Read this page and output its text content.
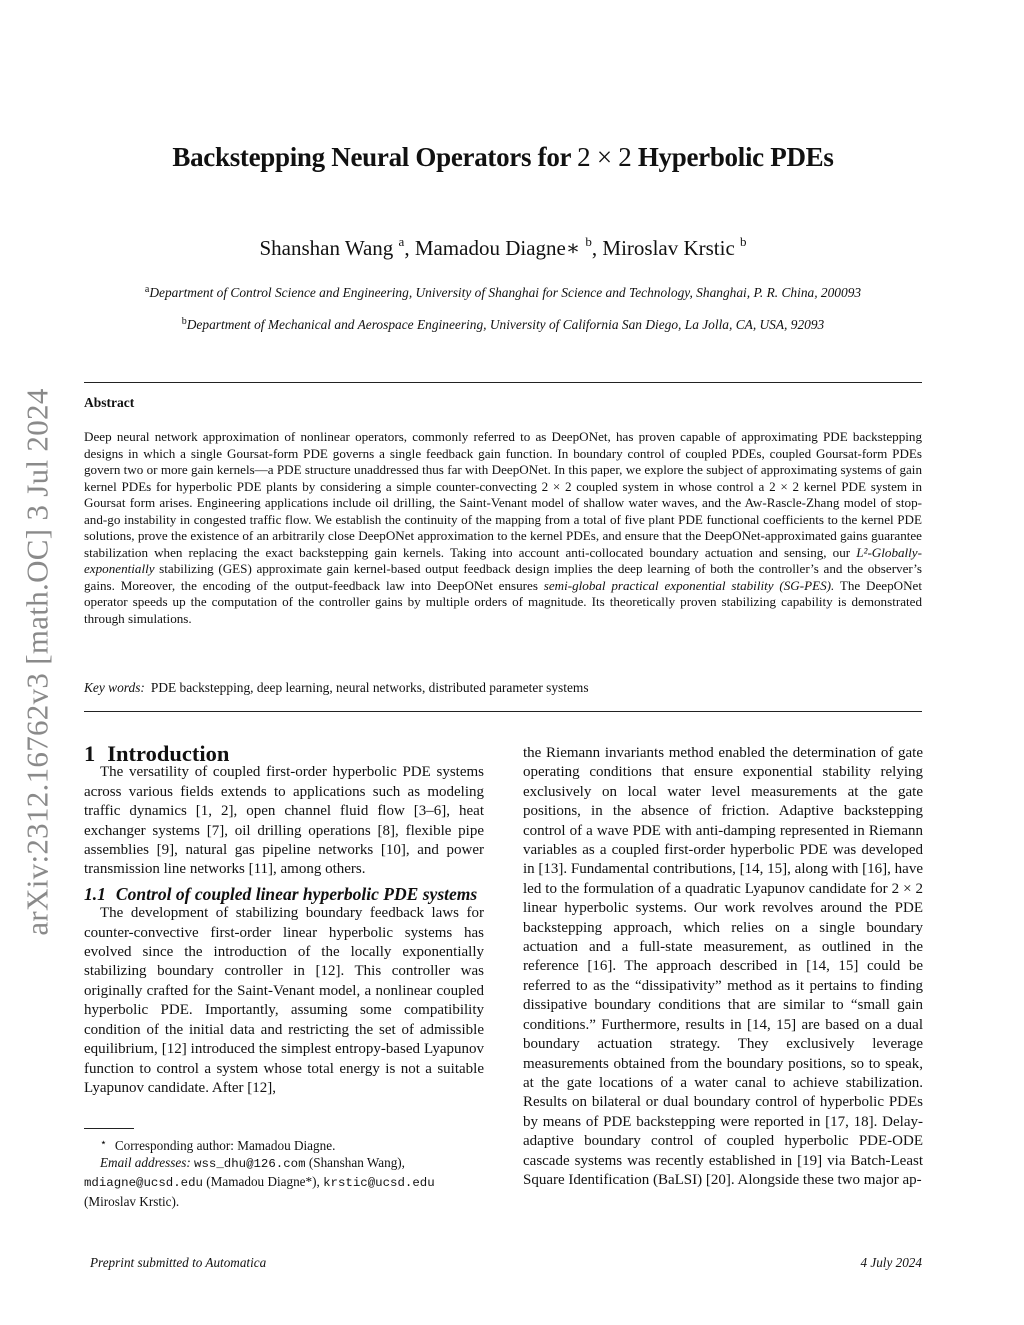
arXiv:2312.16762v3 [math.OC] 3 Jul 2024
Backstepping Neural Operators for 2 × 2 Hyperbolic PDEs
Shanshan Wang $^a$, Mamadou Diagne∗ $^b$, Miroslav Krstic $^b$
$^a$Department of Control Science and Engineering, University of Shanghai for Science and Technology, Shanghai, P. R. China, 200093
$^b$Department of Mechanical and Aerospace Engineering, University of California San Diego, La Jolla, CA, USA, 92093
Abstract
Deep neural network approximation of nonlinear operators, commonly referred to as DeepONet, has proven capable of approximating PDE backstepping designs in which a single Goursat-form PDE governs a single feedback gain function. In boundary control of coupled PDEs, coupled Goursat-form PDEs govern two or more gain kernels—a PDE structure unaddressed thus far with DeepONet. In this paper, we explore the subject of approximating systems of gain kernel PDEs for hyperbolic PDE plants by considering a simple counter-convecting 2 × 2 coupled system in whose control a 2 × 2 kernel PDE system in Goursat form arises. Engineering applications include oil drilling, the Saint-Venant model of shallow water waves, and the Aw-Rascle-Zhang model of stop-and-go instability in congested traffic flow. We establish the continuity of the mapping from a total of five plant PDE functional coefficients to the kernel PDE solutions, prove the existence of an arbitrarily close DeepONet approximation to the kernel PDEs, and ensure that the DeepONet-approximated gains guarantee stabilization when replacing the exact backstepping gain kernels. Taking into account anti-collocated boundary actuation and sensing, our L²-Globally-exponentially stabilizing (GES) approximate gain kernel-based output feedback design implies the deep learning of both the controller’s and the observer’s gains. Moreover, the encoding of the output-feedback law into DeepONet ensures semi-global practical exponential stability (SG-PES). The DeepONet operator speeds up the computation of the controller gains by multiple orders of magnitude. Its theoretically proven stabilizing capability is demonstrated through simulations.
Key words: PDE backstepping, deep learning, neural networks, distributed parameter systems
1 Introduction

The versatility of coupled first-order hyperbolic PDE systems across various fields extends to applications such as modeling traffic dynamics [1, 2], open channel fluid flow [3–6], heat exchanger systems [7], oil drilling operations [8], flexible pipe assemblies [9], natural gas pipeline networks [10], and power transmission line networks [11], among others.

1.1 Control of coupled linear hyperbolic PDE systems

The development of stabilizing boundary feedback laws for counter-convective first-order linear hyperbolic systems has evolved since the introduction of the locally exponentially stabilizing boundary controller in [12]. This controller was originally crafted for the Saint-Venant model, a nonlinear coupled hyperbolic PDE. Importantly, assuming some compatibility condition of the initial data and restricting the set of admissible equilibrium, [12] introduced the simplest entropy-based Lyapunov function to control a system whose total energy is not a suitable Lyapunov candidate. After [12],

the Riemann invariants method enabled the determination of gate operating conditions that ensure exponential stability relying exclusively on local water level measurements at the gate positions, in the absence of friction. Adaptive backstepping control of a wave PDE with anti-damping represented in Riemann variables as a coupled first-order hyperbolic PDE was developed in [13]. Fundamental contributions, [14, 15], along with [16], have led to the formulation of a quadratic Lyapunov candidate for 2 × 2 linear hyperbolic systems. Our work revolves around the PDE backstepping approach, which relies on a single boundary actuation and a full-state measurement, as outlined in the reference [16]. The approach described in [14, 15] could be referred to as the “dissipativity” method as it pertains to finding dissipative boundary conditions that are similar to “small gain conditions.” Furthermore, results in [14, 15] are based on a dual boundary actuation strategy. They exclusively leverage measurements obtained from the boundary positions, so to speak, at the gate locations of a water canal to achieve stabilization. Results on bilateral or dual boundary control of hyperbolic PDEs by means of PDE backstepping were reported in [17, 18]. Delay-adaptive boundary control of coupled hyperbolic PDE-ODE cascade systems was recently established in [19] via Batch-Least Square Identification (BaLSI) [20]. Alongside these two major ap-

⋆ Corresponding author: Mamadou Diagne.

Email addresses: wss_dhu@126.com (Shanshan Wang),

mdiagne@ucsd.edu (Mamadou Diagne*), krstic@ucsd.edu

(Miroslav Krstic).

Preprint submitted to Automatica	4 July 2024
